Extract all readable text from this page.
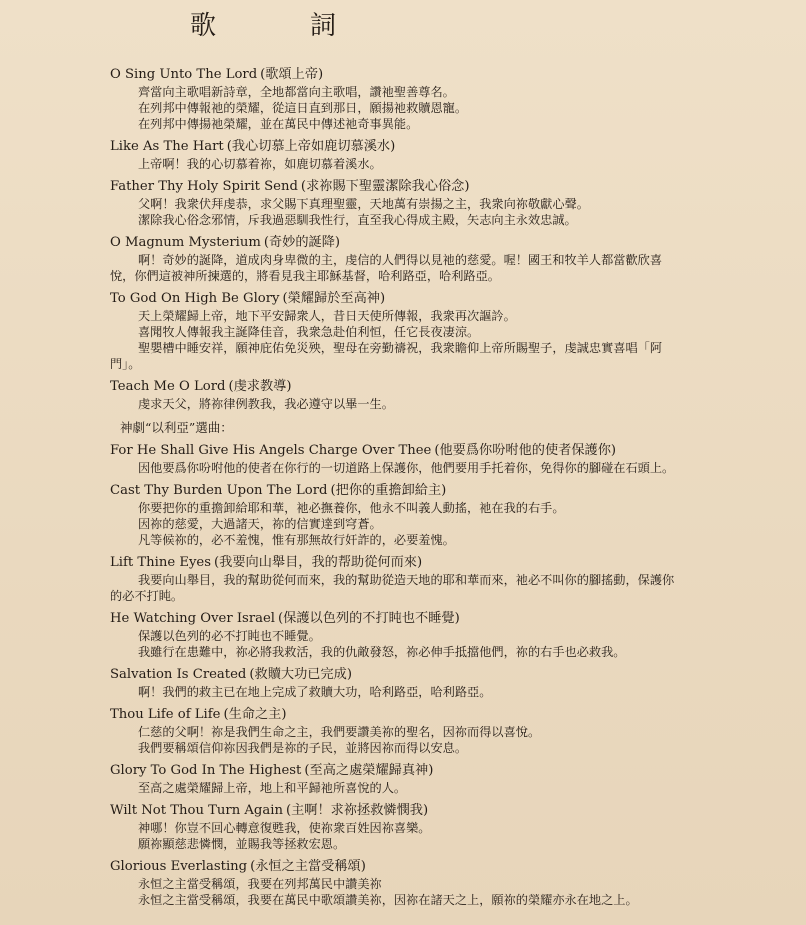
歌　詞
O Sing Unto The Lord (歌頌上帝)
齊當向主歌唱新詩章，全地都當向主歌唱，讚祂聖善尊名。
在列邦中傳報祂的榮耀，從這日直到那日，願揚祂救贖恩寵。
在列邦中傳揚祂榮耀，並在萬民中傳述祂奇事異能。
Like As The Hart (我心切慕上帝如鹿切慕溪水)
上帝啊！我的心切慕着祢，如鹿切慕着溪水。
Father Thy Holy Spirit Send (求祢賜下聖靈潔除我心俗念)
父啊！我衆伏拜虔恭，求父賜下真理聖靈，天地萬有崇揚之主，我衆向祢敬獻心聲。
潔除我心俗念邪情，斥我過惡馴我性行，直至我心得成主殿，矢志向主永效忠誠。
O Magnum Mysterium (奇妙的誕降)
啊！奇妙的誕降，道成肉身卑微的主，虔信的人們得以見祂的慈愛。喔！國王和牧羊人都當歡欣喜悅，你們這被神所揀選的，將看見我主耶穌基督，哈利路亞，哈利路亞。
To God On High Be Glory (榮耀歸於至高神)
天上榮耀歸上帝，地下平安歸衆人，昔日天使所傳報，我衆再次謳訡。
喜聞牧人傳報我主誕降佳音，我衆急赴伯利恒，任它長夜凄涼。
聖嬰槽中睡安祥，願神庇佑免災殃，聖母在旁勤禱祝，我衆瞻仰上帝所賜聖子，虔誠忠實喜唱「阿門」。
Teach Me O Lord (虔求教導)
虔求天父，將祢律例教我，我必遵守以畢一生。
神劇“以利亞”選曲：
For He Shall Give His Angels Charge Over Thee (他要爲你吩咐他的使者保護你)
因他要爲你吩咐他的使者在你行的一切道路上保護你，他們要用手托着你，免得你的腳碰在石頭上。
Cast Thy Burden Upon The Lord (把你的重擔卸給主)
你要把你的重擔卸給耶和華，祂必撫養你，他永不叫義人動搖，祂在我的右手。
因祢的慈愛，大過諸天，祢的信實達到穹蒼。
凡等候祢的，必不羞愧，惟有那無故行奸詐的，必要羞愧。
Lift Thine Eyes (我要向山舉目，我的帮助從何而來)
我要向山舉目，我的幫助從何而來，我的幫助從造天地的耶和華而來，祂必不叫你的腳搖動，保護你的必不打盹。
He Watching Over Israel (保護以色列的不打盹也不睡覺)
保護以色列的必不打盹也不睡覺。
我雖行在患難中，祢必將我救活，我的仇敵發怒，祢必伸手抵擋他們，祢的右手也必救我。
Salvation Is Created (救贖大功已完成)
啊！我們的救主已在地上完成了救贖大功，哈利路亞，哈利路亞。
Thou Life of Life (生命之主)
仁慈的父啊！祢是我們生命之主，我們要讚美祢的聖名，因祢而得以喜悅。
我們要稱頌信仰祢因我們是祢的子民，並將因祢而得以安息。
Glory To God In The Highest (至高之處榮耀歸真神)
至高之處榮耀歸上帝，地上和平歸祂所喜悅的人。
Wilt Not Thou Turn Again (主啊！求祢拯救憐憫我)
神哪！你豈不回心轉意復甦我，使祢衆百姓因祢喜樂。
願祢顯慈悲憐憫，並賜我等拯救宏恩。
Glorious Everlasting (永恒之主當受稱頌)
永恒之主當受稱頌，我要在列邦萬民中讚美祢
永恒之主當受稱頌，我要在萬民中歌頌讚美祢，因祢在諸天之上，願祢的榮耀亦永在地之上。
